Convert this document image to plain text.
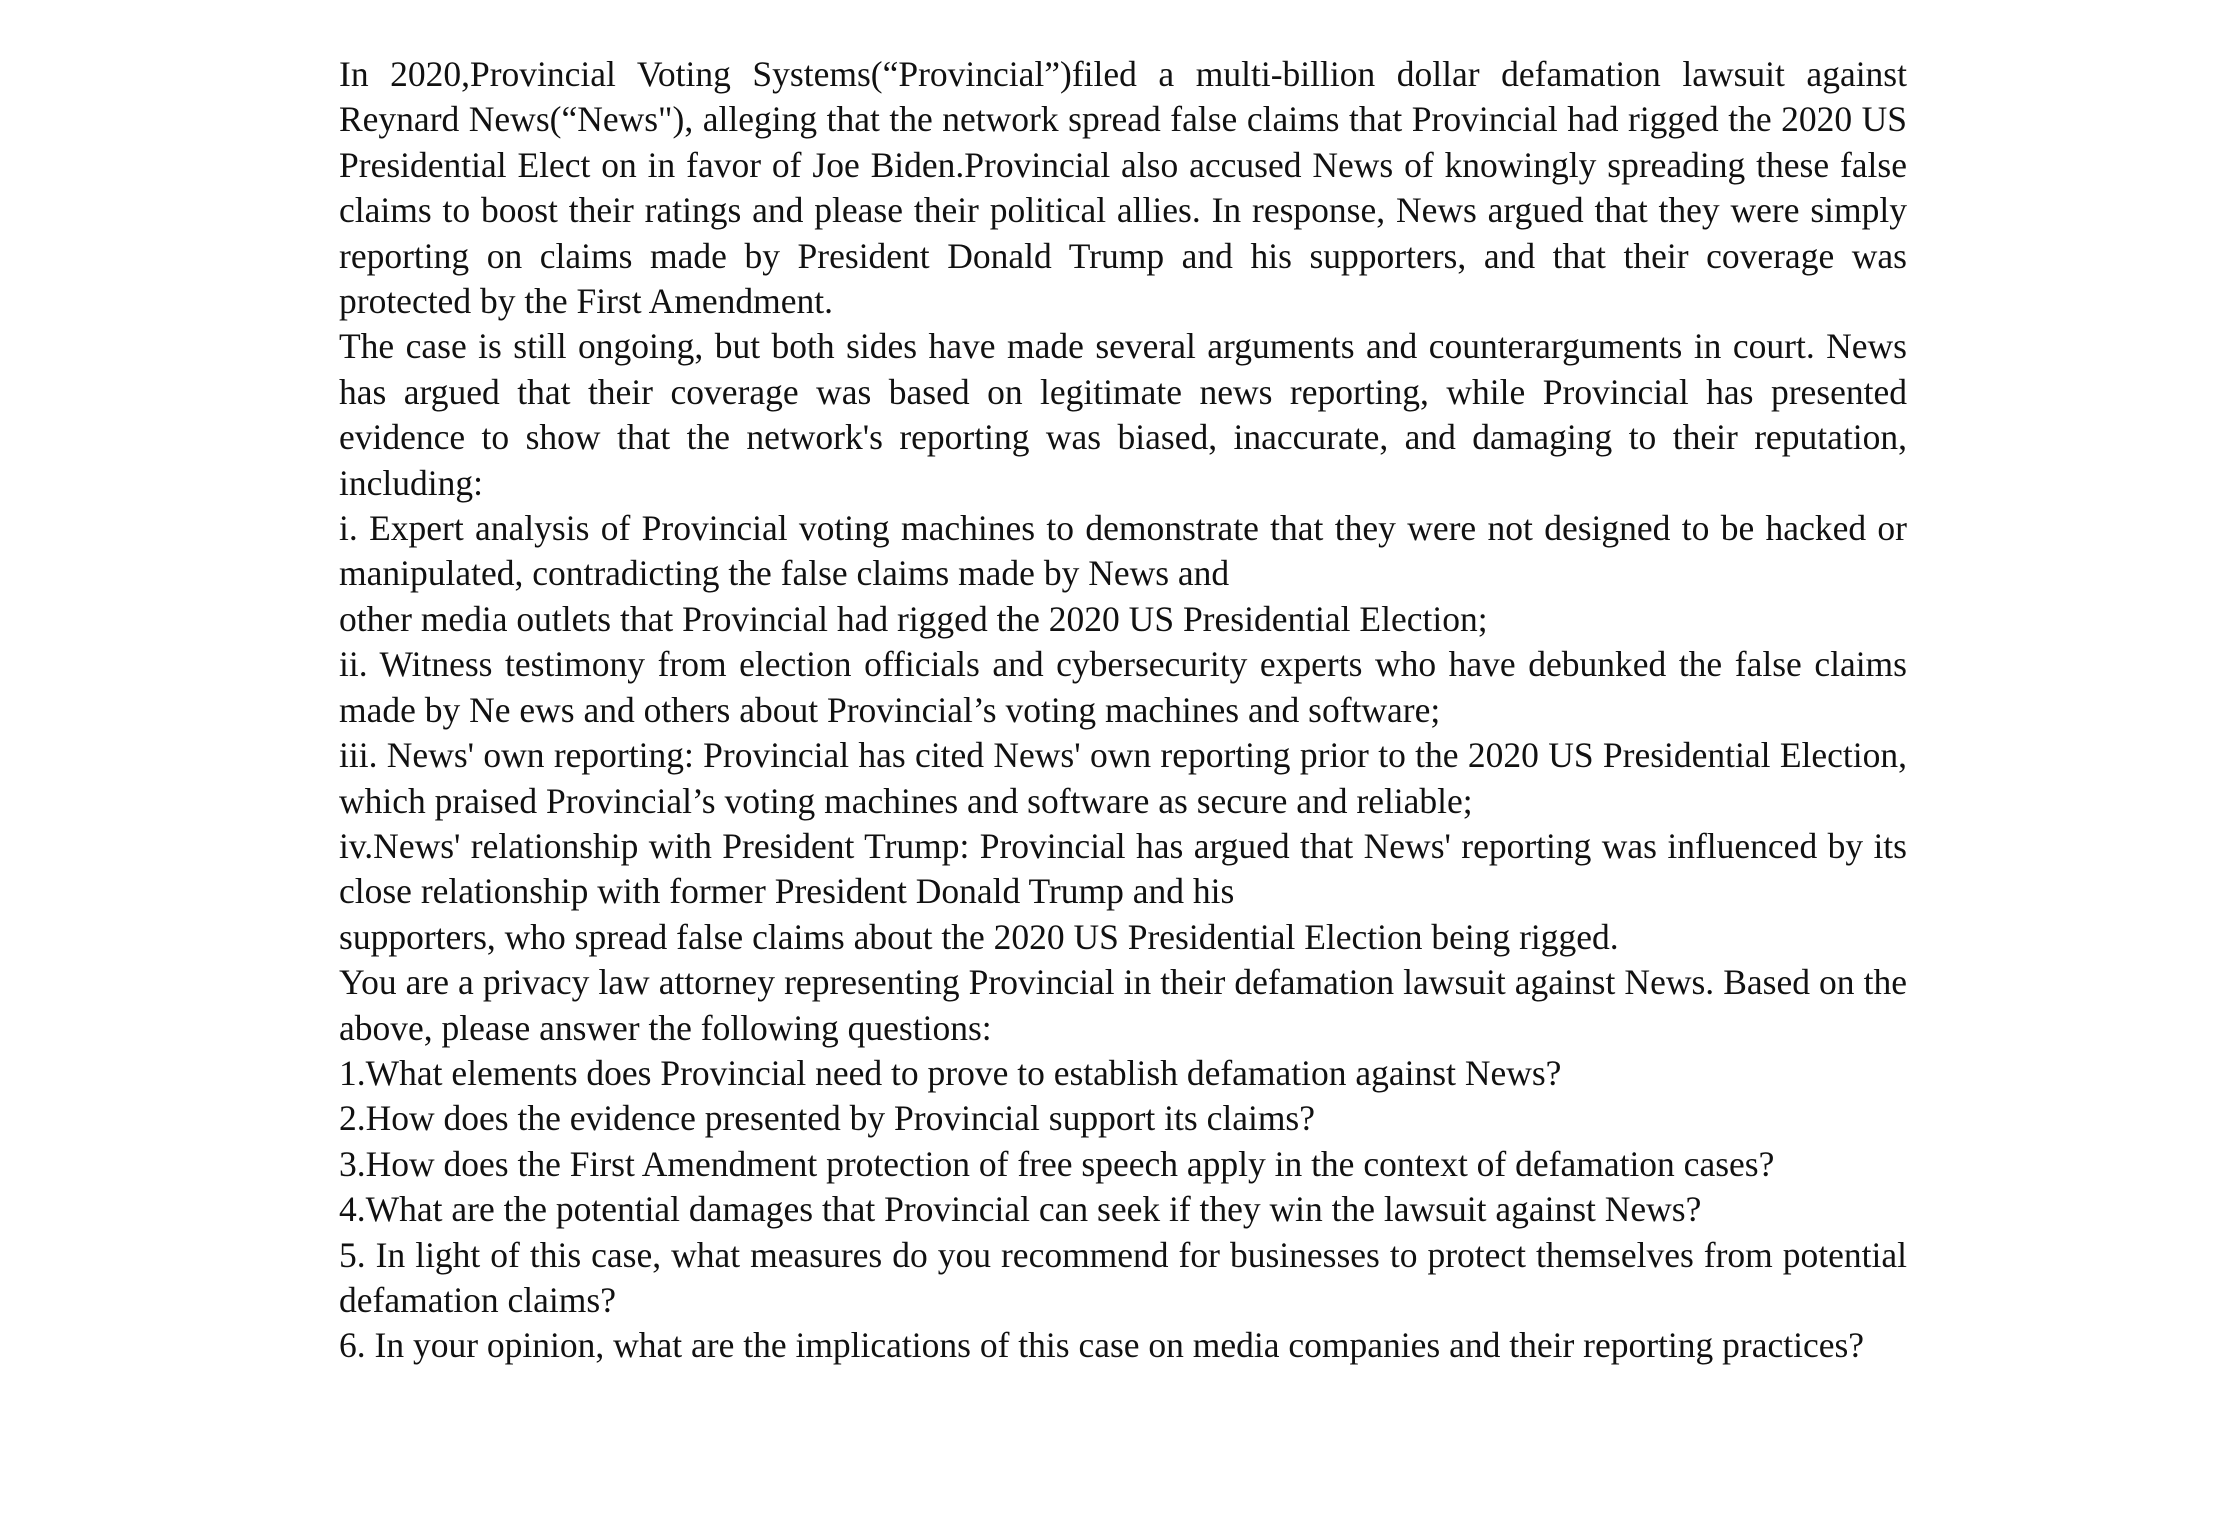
In 2020,Provincial Voting Systems(“Provincial”)filed a multi-billion dollar defamation lawsuit against Reynard News(“News"), alleging that the network spread false claims that Provincial had rigged the 2020 US Presidential Elect on in favor of Joe Biden.Provincial also accused News of knowingly spreading these false claims to boost their ratings and please their political allies. In response, News argued that they were simply reporting on claims made by President Donald Trump and his supporters, and that their coverage was protected by the First Amendment.

The case is still ongoing, but both sides have made several arguments and counterarguments in court. News has argued that their coverage was based on legitimate news reporting, while Provincial has presented evidence to show that the network's reporting was biased, inaccurate, and damaging to their reputation, including:

i. Expert analysis of Provincial voting machines to demonstrate that they were not designed to be hacked or manipulated, contradicting the false claims made by News and

other media outlets that Provincial had rigged the 2020 US Presidential Election;

ii. Witness testimony from election officials and cybersecurity experts who have debunked the false claims made by Ne ews and others about Provincial’s voting machines and software;

iii. News' own reporting: Provincial has cited News' own reporting prior to the 2020 US Presidential Election, which praised Provincial’s voting machines and software as secure and reliable;

iv.News' relationship with President Trump: Provincial has argued that News' reporting was influenced by its close relationship with former President Donald Trump and his

supporters, who spread false claims about the 2020 US Presidential Election being rigged.

You are a privacy law attorney representing Provincial in their defamation lawsuit against News. Based on the above, please answer the following questions:

1.What elements does Provincial need to prove to establish defamation against News?

2.How does the evidence presented by Provincial support its claims?

3.How does the First Amendment protection of free speech apply in the context of defamation cases?

4.What are the potential damages that Provincial can seek if they win the lawsuit against News?

5. In light of this case, what measures do you recommend for businesses to protect themselves from potential defamation claims?

6. In your opinion, what are the implications of this case on media companies and their reporting practices?
